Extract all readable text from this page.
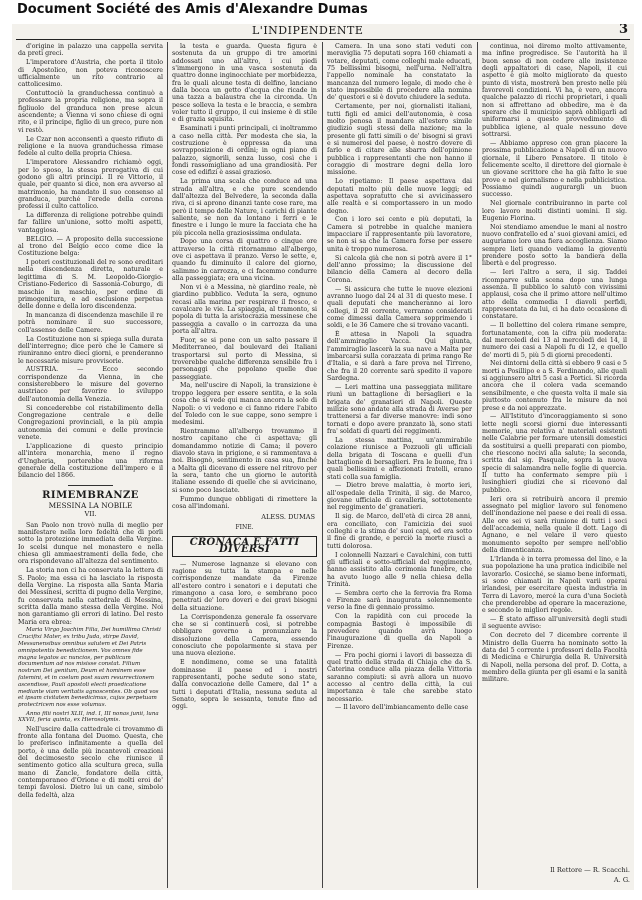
Document Société des Amis d'Alexandre Dumas
L'INDIPENDENTE	3

d'origine in palazzo una cappella servita da preti greci.

L'imperatore d'Austria, che porta il titolo di Apostolico, non poteva riconoscere ufficialmente un rito contrario al cattolicesimo.

Contuttociò la granduchessa continuò a professare la propria religione, ma sopra il figliuolo del granduca non prese alcun ascendente; a Vienna vi sono chiese di ogni rito, e il principe, figlio di un greco, pure non vi restò.

Le Czar non acconsentì a questo rifiuto di religione e la nuova granduchessa rimase fedele al culto della propria Chiesa.

L'imperatore Alessandro richiamò oggi, per lo sposo, la stessa prerogativa di cui godono gli altri principi. Il re Vittorio, il quale, per quanto si dice, non era avverso al matrimonio, ha mandato il suo consenso al granduca, purché l'erede della corona professi il culto cattolico.

La differenza di religione potrebbe quindi far fallire un'unione, sotto molti aspetti, vantaggiosa.

BELGIO. — A proposito della successione al trono del Belgio ecco come dice la Costituzione belga:

I poteri costituzionali del re sono ereditari nella discendenza diretta, naturale e legittima di S. M. Leopoldo-Giorgio-Cristiano-Federico di Sassonia-Coburgo, di maschio in maschio, per ordine di primogenitura, e ad esclusione perpetua delle donne e della loro discendenza.

In mancanza di discendenza maschile il re potrà nominare il suo successore, coll'assenso delle Camere.

La Costituzione non si spiega sulla durata dell'interregno; dice però che le Camere si riuniranno entro dieci giorni, e prenderanno le necessarie misure provvisorie.

AUSTRIA. — Ecco secondo corrispondenze da Vienna, in che consisterebbero le misure del governo austriaco per favorire lo sviluppo dell'autonomia della Venezia.

Si concederebbe col ristabilimento della Congregazione centrale e delle Congregazioni provinciali, e la più ampia autonomia dei comuni e delle provincie venete.

L'applicazione di questo principio all'intera monarchia, meno il regno d'Ungheria, porterebbe una riforma generale della costituzione dell'impero e il bilancio del 1866.

RIMEMBRANZE
MESSINA LA NOBILE
VII.

San Paolo non trovò nulla di meglio per manifestare nella loro fedeltà che di porli sotto la protezione immediata della Vergine. Io scelsi dunque nel monastero e nella chiesa gli ammaestramenti della fede, che ora rispondevano all'altezza del sentimento.

La storia non ci ha conservata la lettera di S. Paolo; ma essa ci ha lasciato la risposta della Vergine. La risposta alla Santa Maria dei Messinesi, scritta di pugno della Vergine, fu conservata nella cattedrale di Messina, scritta dalla mano stessa della Vergine. Noi non garantiamo gli errori di latino. Del resto Maria era ebrea:

Maria Virgo Joachim Filia, Dei humillima Christi Crucifixi Mater, ex tribu Juda, stirpe David, Messanensibus omnibus salutem et Dei Patris omnipotentis benedictionem. Vos omnes fide magna legatos ac nuncios, per publicum documentum ad nos misisse constat. Filium nostrum Dei genitum, Deum et hominem esse fatemini, et in coelum post suam resurrectionem ascendisse, Pauli apostoli electi praedicatione mediante viam veritatis agnoscentes. Ob quod vos et ipsam civitatem benedicimus, cujus perpetuam protectricem nos esse volumus.

Anno filii nostri XLII, ind. I, III nonas junii, luna XXVII, feria quinta, ex Hierosolymis.

Nell'uscire dalla cattedrale ci trovammo di fronte alla fontana del Duomo. Questa, che lo preferisco infinitamente a quella del porto, è una delle più incantevoli creazioni del decimosesto secolo che riunisce il sentimento gotico alla scultura greca, sulla mano di Zancle, fondatore della città, contemporaneo d'Orione e di molti eroi de' tempi favolosi. Dietro lui un cane, simbolo della fedeltà, alza

la testa e guarda. Questa figura è sostenuta da un gruppo di tre amorini addossati uno all'altro, i cui piedi s'immergono in una vasca sostenuta da quattro donne inginocchiate per morbidezza, fra le quali alcune testa di delfino, lanciano dalla bocca un getto d'acqua che ricade in una tazza a balaustra che la circonda. Un pesce solleva la testa e le braccia, e sembra voler tutto il gruppo, il cui insieme è di stile e di grazia squisita.

Esaminati i punti principali, ci inoltrammo a caso nella città. Per modesta che sia, la costruzione è oppressa da una sovrapposizione di ordini; in ogni piano di palazzo, signorili, senza lusso, così che i fondi rassomigliano ad una grandiosità. Per cose ed edifizi è assai grazioso.

La prima una scala che conduce ad una strada all'altra, e che pure scendendo dall'altezza del Belvedere, la seconda dalla riva, ci si aprono dinanzi tante cose rare, ma però il tempo delle Nature, i carichi di piante saliente, se non da lontano i ferri e le finestre e i lungo le mure la facciata che ha più piccola nella graziosissima ondulata.

Dopo una corsa di quattro o cinque ore attraverso la città ritornammo all'albergo, ove ci aspettava il pranzo. Verso le sette, e, quando fu diminuito il calore del giorno, salimmo in carrozza, e ci facemmo condurre alla passeggiata; era una vicina.

Non vi è a Messina, nè giardino reale, nè giardino pubblico. Veduta la sera, ognuno recasi alla marina per respirare il fresco, e cavalcare le vie. La spiaggia, al tramonto, si popola di tutta la aristocrazia messinese che passeggia a cavallo o in carrozza da una porta all'altra.

Fuor, se si pone con un salto passare il Mediterraneo, dal boulevard dei Italiani trasportarsi sul porto di Messina, si troverebbe qualche differenza sensibile fra i personaggi che popolano quelle due passeggiate.

Ma, nell'uscire di Napoli, la transizione è troppo leggera per essere sentita, e la sola cosa che si vede qui manca ancora la sole di Napoli: o vi vedono e ci fanno ridere l'abito del Toledo con le sue cappe, sono sempre i medesimi.

Rientrammo all'albergo trovammo il nostro capitano che ci aspettava; gli domandammo notizie di Cama; il povero diavolo stava in prigione, e si rammentava a noi. Bisognò, sentimento in casa sua, finché a Malta gli dicevano di essere nel ritrovo per la sera, tanto che un giorno le autorità italiane essendo di quelle che si avvicinano, si sono poco lasciate.

Fummo dunque obbligati di rimettere la cosa all'indomani.

ALESS. DUMAS
FINE.
CRONACA E FATTI DIVERSI

— Numerose lagnanze si elevano con ragione su tutta la stampa e nelle corrispondenze mandate da Firenze all'estero contro i senatori e i deputati che rimangono a casa loro, e sembrano poco penetrati de' loro doveri e dei gravi bisogni della situazione.

La Corrispondenza generale fa osservare che se si continuerà così, si potrebbe obbligare governo a pronunziare la dissoluzione della Camera, essendo conosciuto che popolarmente si stava per una nuova elezione.

E nondimeno, come se una fatalità dominasse il paese ed i nostri rappresentanti, poche sedute sono state, dalla convocazione delle Camere, dal 1° a tutti i deputati d'Italia, nessuna seduta al Senato, sopra le sessanta, tenute fino ad oggi.

Camera. In una sono stati veduti con meraviglia 75 deputati sopra 160 chiamati a votare, deputati, come colleghi male educati, 75 bellissimi bisogni, nell'urna. Nell'altra l'appello nominale ha constatato la mancanza del numero legale, di modo che è stato impossibile di procedere alla nomina de' questori e si è dovuto chiudere la seduta.

Certamente, per noi, giornalisti italiani, tutti figli ed amici dell'autonomia, è cosa molto penosa il mandare all'estero simile giudizio sugli stessi della nazione; ma la presente gli fatti simili o de' bisogni si gravi e si numerosi del paese, è nostro dovere di farlo e di citare alle sbarra dell'opinione pubblica i rappresentanti che non hanno il coraggio di mostrare degni della loro missione.

Lo ripetiamo: Il paese aspettava dai deputati molto più delle nuove leggi; ed aspettava sopratutto che si avvicinassero alle realtà e si comportassero in un modo degno.

Con i loro sei cento e più deputati, la Camera si potrebbe in qualche maniera impacciare il rappresentante più lavoratore, se non si sa che la Camera forse per essere unita è troppo numerosa.

Si calcola già che non si potrà avere il 1° dell'anno prossimo; la discussione del bilancio della Camera al decoro della Corona.

— Si assicura che tutte le nuove elezioni avranno luogo dal 24 al 31 di questo mese. I quali deputati che mancheranno ai loro collegi, il 28 corrente, verranno considerati come dimessi dalla Camera sopprimendo i soldi, e le 36 Camere che si trovano vacanti.

È attesa in Napoli la squadra dell'ammiraglio Vacca. Qui giunta, l'ammiraglio lascerà la sua nave a Malta per imbarcarsi sulla corazzata di prima rango Re d'Italia, e si darà a fare prova nel Tirreno, che fra il 20 corrente sarà spedito il vapore Sardegna.

— Leri mattina una passeggiata militare riunì un battaglione di bersaglieri e la brigata de' granatieri di Napoli. Queste milizie sono andate alla strada di Averse per trattenersi a far diverse manovre: indi sono tornati e dopo avere pranzato là, sono stati fra' soldati di quarti dei reggimenti.

La stessa mattina, un'ammirabile colazione riunisce a Pozzuoli gli ufficiali della brigata di Toscana e quelli d'un battaglione di bersaglieri. Fra le buone, fra i quali bellissimi e affezionati fratelli, erano stati colla sua famiglia.

— Dietro breve malattia, è morto ieri, all'ospedale della Trinità, il sig. de Marco, giovane ufficiale di cavalleria, sottotenente nel reggimento de' granatieri.

Il sig. de Marco, dell'età di circa 28 anni, era conciliato, con l'amicizia dei suoi colleghi e la stima de' suoi capi, ed era sotto il fine di grande, e perciò la morte riuscì a tutti dolorosa.

I colonnelli Nazzari e Cavalchini, con tutti gli ufficiali e sotto-ufficiali del reggimento, hanno assistito alla cerimonia funebre, che ha avuto luogo alle 9 nella chiesa della Trinità.

— Sembra certo che la ferrovia fra Roma e Firenze sarà inaugurata solennemente verso la fine di gennaio prossimo.

Con la rapidità con cui procede la compagnia Bastogi è impossibile di prevedere quando avrà luogo l'inaugurazione di quella da Napoli a Firenze.

— Fra pochi giorni i lavori di bassezza di quel tratto della strada di Chiaja che da S. Caterina conduce alla piazza della Vittoria saranno compiuti: si avrà allora un nuovo accesso al centro della città, la cui importanza è tale che sarebbe stato necessario.

— Il lavoro dell'imbiancamento delle case

continua, noi diremo molto attivamente, ma infine progredisce. Se l'autorità ha il buon senso di non cedere alle insistenze degli appaltatori di case, Napoli, il cui aspetto è già molto migliorato da questo punto di vista, mostrerà ben presto nelle più favorevoli condizioni. Vi ha, è vero, ancora qualche palazzo di ricchi proprietari, i quali non si affrettano ad obbedire, ma è da sperare che il municipio saprà obbligarli ad uniformarsi a questo provvedimento di pubblica igiene, al quale nessuno deve sottrarsi.

— Abbiamo appreso con gran piacere la prossima pubblicazione a Napoli di un nuovo giornale, il Libero Pensatore. Il titolo è felicemente scelto, il direttore del giornale è un giovane scrittore che ha già fatto le sue prove e nel giornalismo e nella pubblicistica. Possiamo quindi augurargli un buon successo.

Nel giornale contribuiranno in parte col loro lavoro molti distinti uomini. Il sig. Eugenio Fiorina.

Noi stendiamo amendue le mani al nostro nuovo confratello ed a' suoi giovani amici, ed auguriamo loro una fiera accoglienza. Siamo sempre lieti quando vediamo la gioventù prendere posto sotto la bandiera della libertà e del progresso.

— Ieri l'altro a sera, il sig. Taddei ricomparve sulla scena dopo una lunga assenza. Il pubblico lo salutò con vivissimi applausi, cosa che il primo attore nell'ultimo atto della commedia I diavoli perfidi, rappresentata da lui, ci ha dato occasione di constatare.

— Il bollettino del colera rimane sempre, fortunatamente, con la cifra più moderata: dal mercoledì dei 13 al mercoledì dei 14, il numero dei casi a Napoli fu di 12, e quello de' morti di 5, più 5 di giorni precedenti.

Nei dintorni della città si ebbero 9 casi e 5 morti a Posillipo e a S. Ferdinando, alle quali si aggiunsero altri 5 casi a Portici. Si ricorda ancora che il colera vada scemando sensibilmente, e che questa volta il male sia piuttosto contenuto fra le misure da noi prese e da noi apprezzate.

— All'Istituto d'incoraggiamento si sono lette negli scorsi giorni due interessanti memorie, una relativa a' materiali esistenti nelle Calabrie per formare utensili domestici da sostituirsi a quelli preparati con piombo, che riescono nocivi alla salute; la seconda, scritta dal sig. Pasquale, sopra la nuova specie di salamandra nelle foglie di quercia. Il tutto ha confermato sempre più i lusinghieri giudizi che si ricevono dal pubblico.

Ieri ora si retribuirà ancora il premio assegnato pel miglior lavoro sul fenomeno dell'inondazione nel paese e dei reali di essa. Alle ore sei vi sarà riunione di tutti i soci dell'accademia, nella quale il dott. Lago di Agnano, e nel velare il vero questo monumento sepolto per sempre nell'oblio della dimenticanza.

L'Irlanda è in terra promessa del lino, e la sua popolazione ha una pratica indicibile nel lavorarlo. Cosicché, se siamo bene informati, si sono chiamati in Napoli varii operai irlandesi, per esercitare questa industria in Terra di Lavoro, mercé la cura d'una Società che prenderebbe ad operare la macerazione, e secondo le migliori regole.

— È stato affisso all'università degli studi il seguente avviso:

Con decreto del 7 dicembre corrente il Ministro della Guerra ha nominato sotto la data del 5 corrente i professori della Facoltà di Medicina e Chirurgia della R. Università di Napoli, nella persona del prof. D. Cotta, a membro della giunta per gli esami e la sanità militare.

Il Rettore — R. Scacchi.
A. G.
